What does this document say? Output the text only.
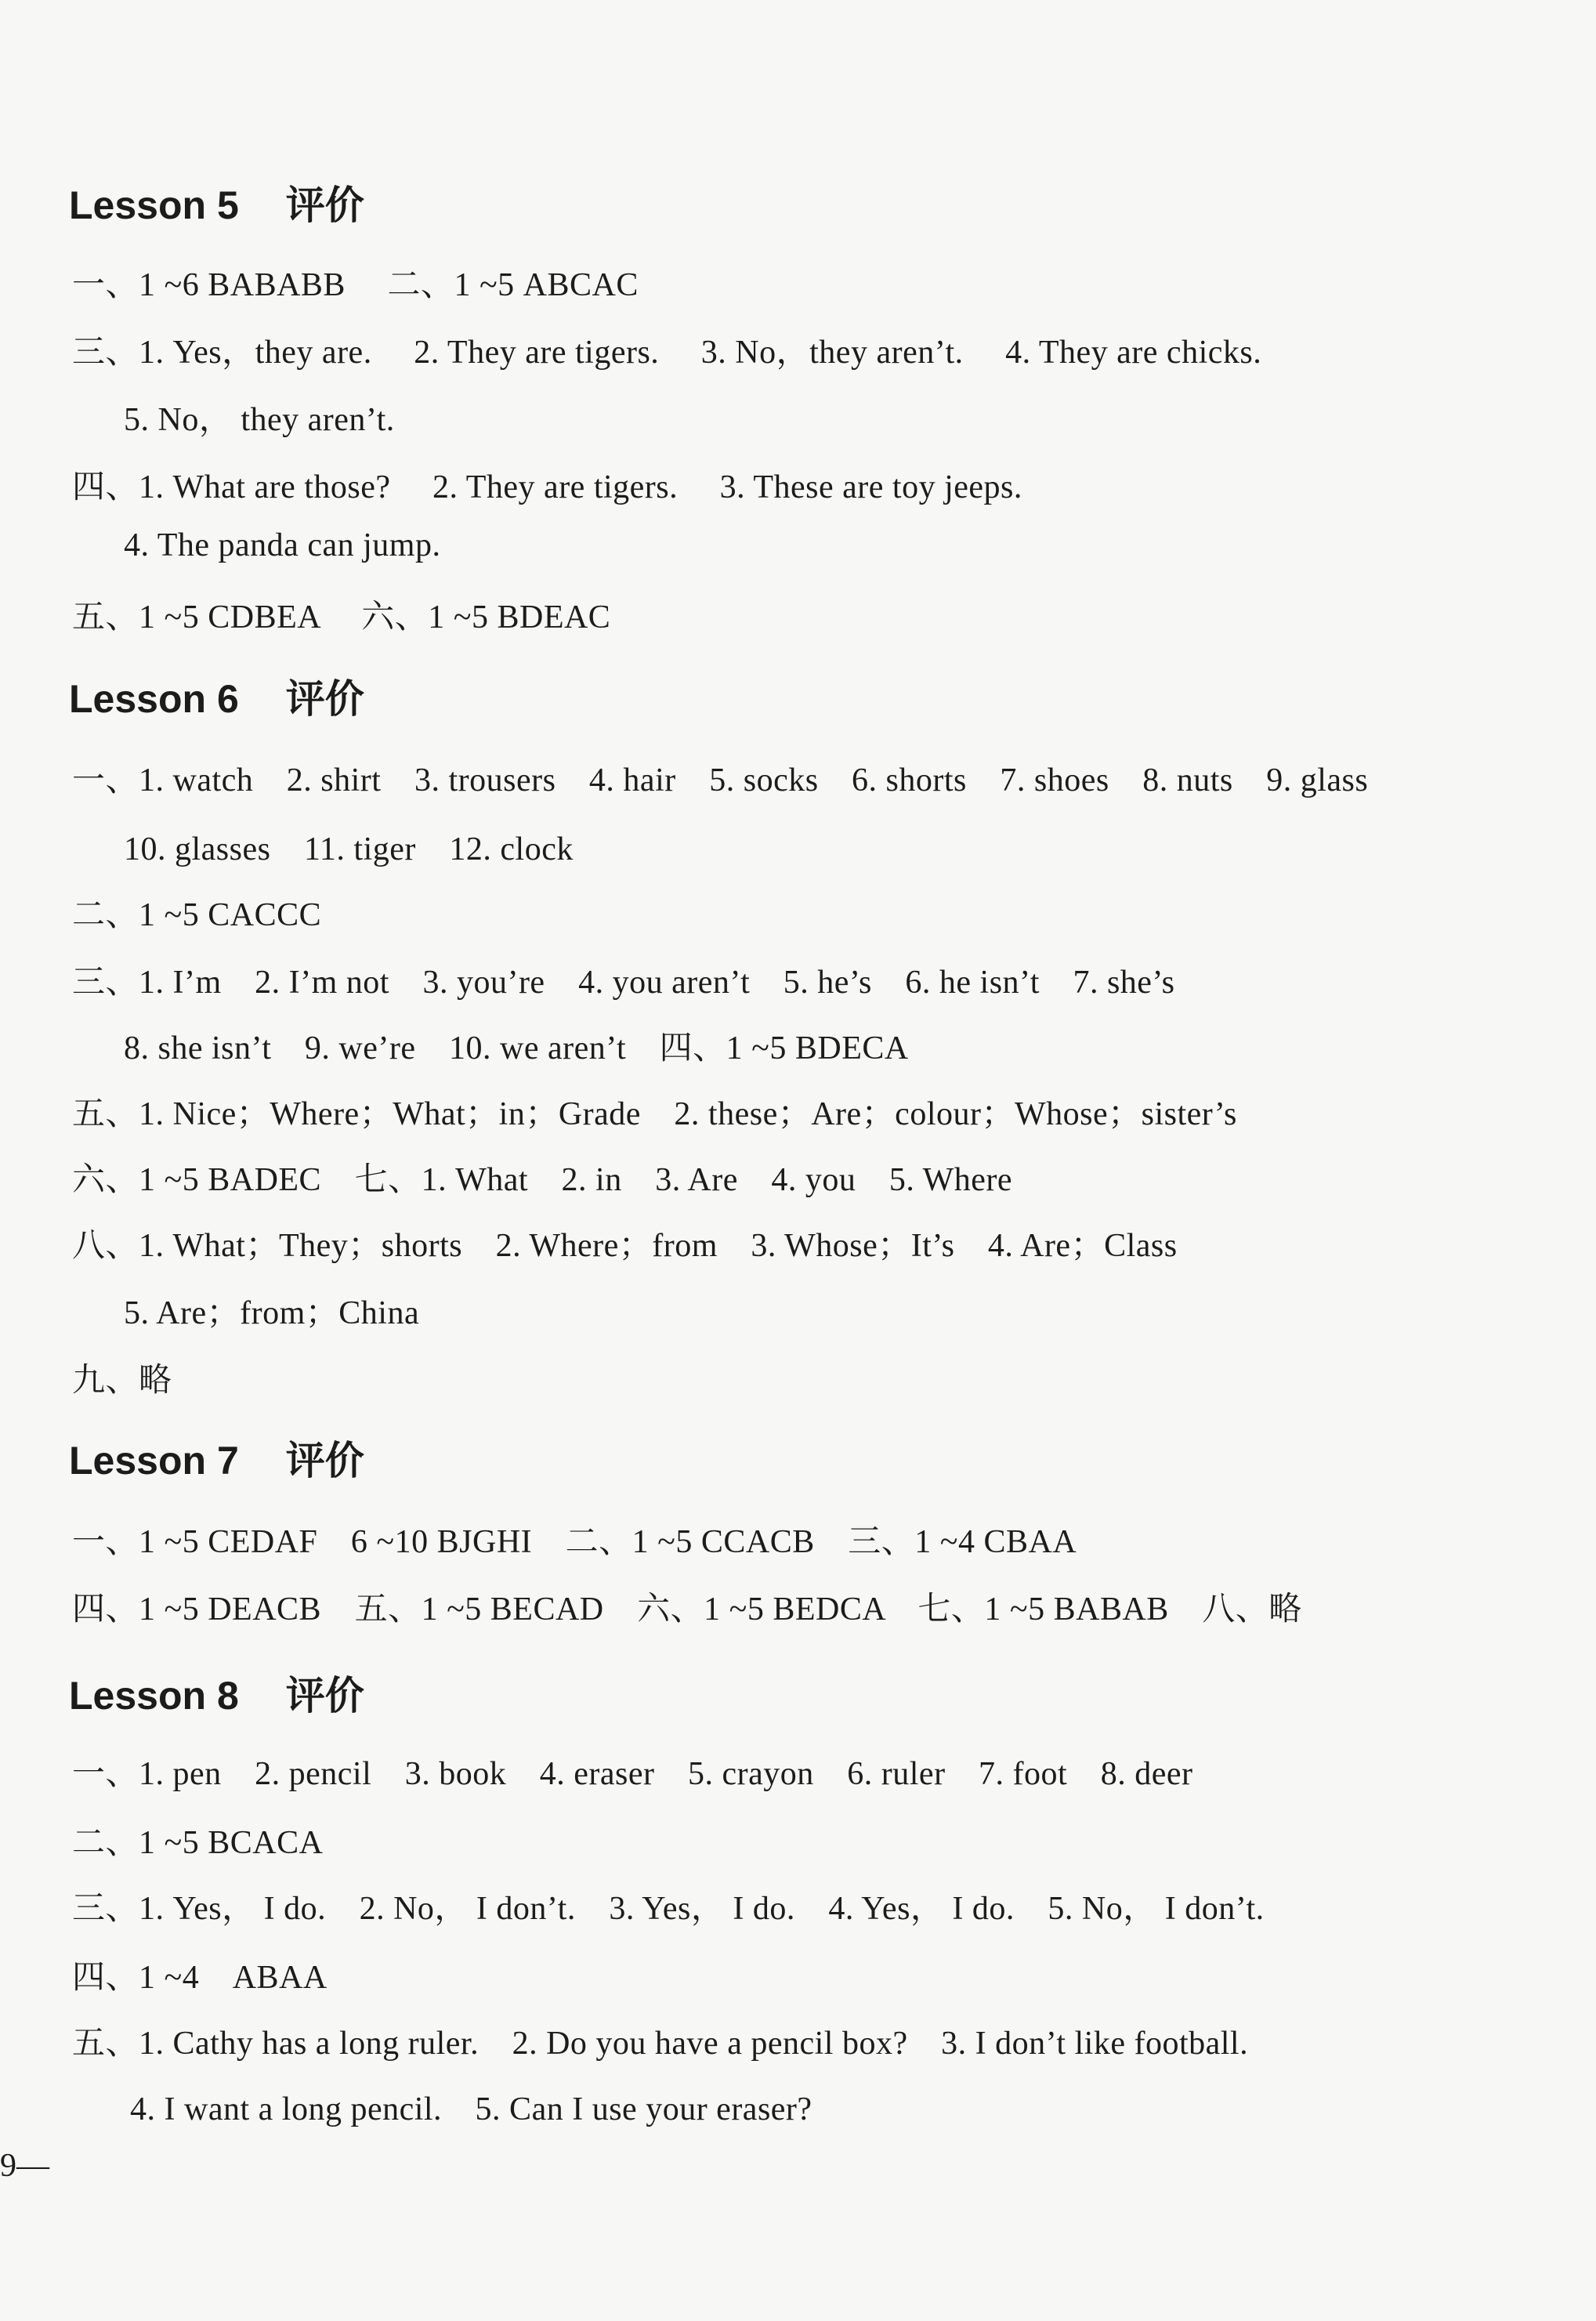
Lesson 5 评价
一、1 ~6 BABABB　 二、1 ~5 ABCAC
三、1. Yes，they are.　 2. They are tigers.　 3. No，they aren’t.　 4. They are chicks.
5. No， they aren’t.
四、1. What are those?　 2. They are tigers.　 3. These are toy jeeps.
4. The panda can jump.
五、1 ~5 CDBEA　 六、1 ~5 BDEAC
Lesson 6 评价
一、1. watch　2. shirt　3. trousers　4. hair　5. socks　6. shorts　7. shoes　8. nuts　9. glass
10. glasses　11. tiger　12. clock
二、1 ~5 CACCC
三、1. I’m　2. I’m not　3. you’re　4. you aren’t　5. he’s　6. he isn’t　7. she’s
8. she isn’t　9. we’re　10. we aren’t　四、1 ~5 BDECA
五、1. Nice；Where；What；in；Grade　2. these；Are；colour；Whose；sister’s
六、1 ~5 BADEC　七、1. What　2. in　3. Are　4. you　5. Where
八、1. What；They；shorts　2. Where；from　3. Whose；It’s　4. Are；Class
5. Are；from；China
九、略
Lesson 7 评价
一、1 ~5 CEDAF　6 ~10 BJGHI　二、1 ~5 CCACB　三、1 ~4 CBAA
四、1 ~5 DEACB　五、1 ~5 BECAD　六、1 ~5 BEDCA　七、1 ~5 BABAB　八、略
Lesson 8 评价
一、1. pen　2. pencil　3. book　4. eraser　5. crayon　6. ruler　7. foot　8. deer
二、1 ~5 BCACA
三、1. Yes， I do.　2. No， I don’t.　3. Yes， I do.　4. Yes， I do.　5. No， I don’t.
四、1 ~4　ABAA
五、1. Cathy has a long ruler.　2. Do you have a pencil box?　3. I don’t like football.
4. I want a long pencil.　5. Can I use your eraser?
9—
